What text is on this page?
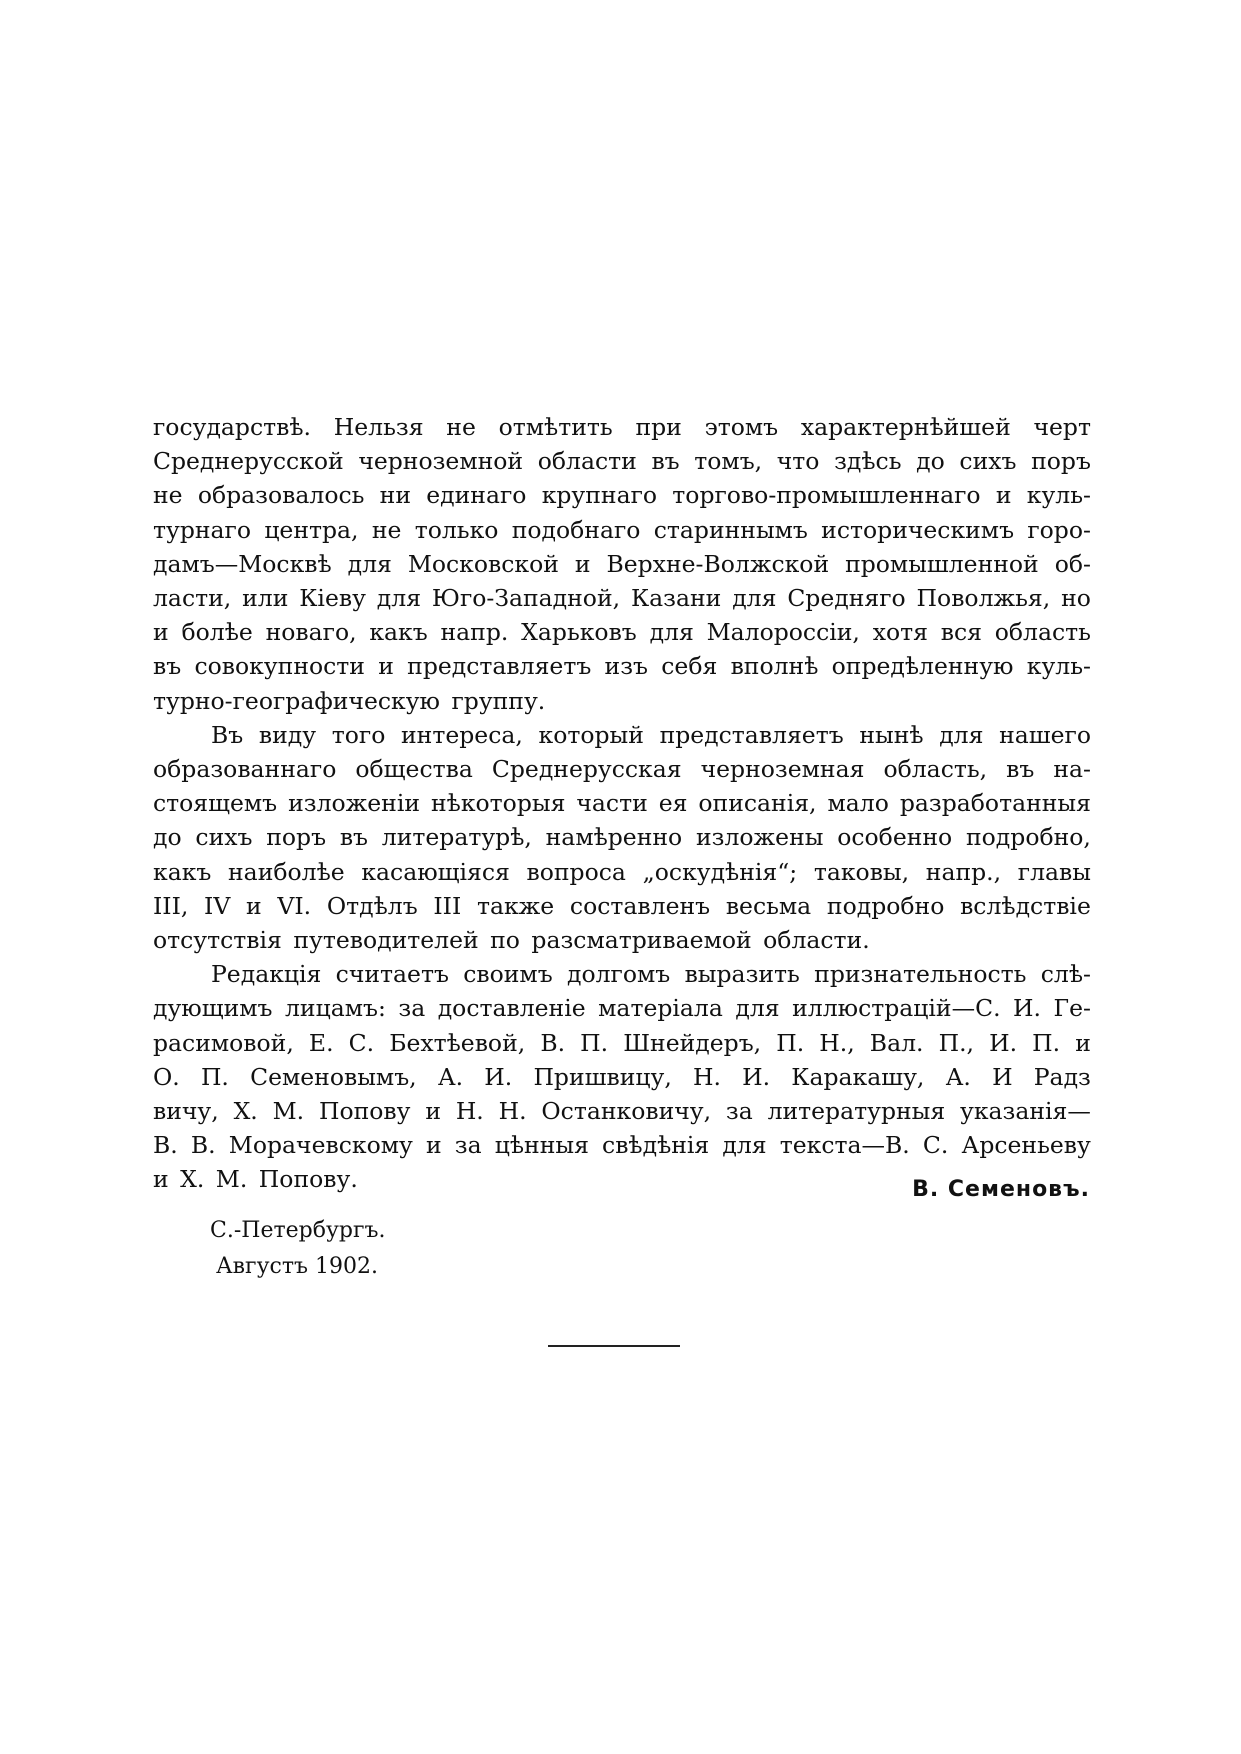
государствѣ. Нельзя не отмѣтить при этомъ характернѣйшей черт
Среднерусской черноземной области въ томъ, что здѣсь до сихъ поръ
не образовалось ни единаго крупнаго торгово-промышленнаго и куль-
турнаго центра, не только подобнаго стариннымъ историческимъ горо-
дамъ—Москвѣ для Московской и Верхне-Волжской промышленной об-
ласти, или Кіеву для Юго-Западной, Казани для Средняго Поволжья, но
и болѣе новаго, какъ напр. Харьковъ для Малороссіи, хотя вся область
въ совокупности и представляетъ изъ себя вполнѣ опредѣленную куль-
турно-географическую группу.
Въ виду того интереса, который представляетъ нынѣ для нашего
образованнаго общества Среднерусская черноземная область, въ на-
стоящемъ изложеніи нѣкоторыя части ея описанія, мало разработанныя
до сихъ поръ въ литературѣ, намѣренно изложены особенно подробно,
какъ наиболѣе касающіяся вопроса „оскудѣнія“; таковы, напр., главы
III, IV и VI. Отдѣлъ III также составленъ весьма подробно вслѣдствіе
отсутствія путеводителей по разсматриваемой области.
Редакція считаетъ своимъ долгомъ выразить признательность слѣ-
дующимъ лицамъ: за доставленіе матеріала для иллюстрацій—С. И. Ге-
расимовой, Е. С. Бехтѣевой, В. П. Шнейдеръ, П. Н., Вал. П., И. П. и
О. П. Семеновымъ, А. И. Пришвицу, Н. И. Каракашу, А. И Радз
вичу, Х. М. Попову и Н. Н. Останковичу, за литературныя указанія—
В. В. Морачевскому и за цѣнныя свѣдѣнія для текста—В. С. Арсеньеву
и Х. М. Попову.	В. Семеновъ.
С.-Петербургъ.
Августъ 1902.
